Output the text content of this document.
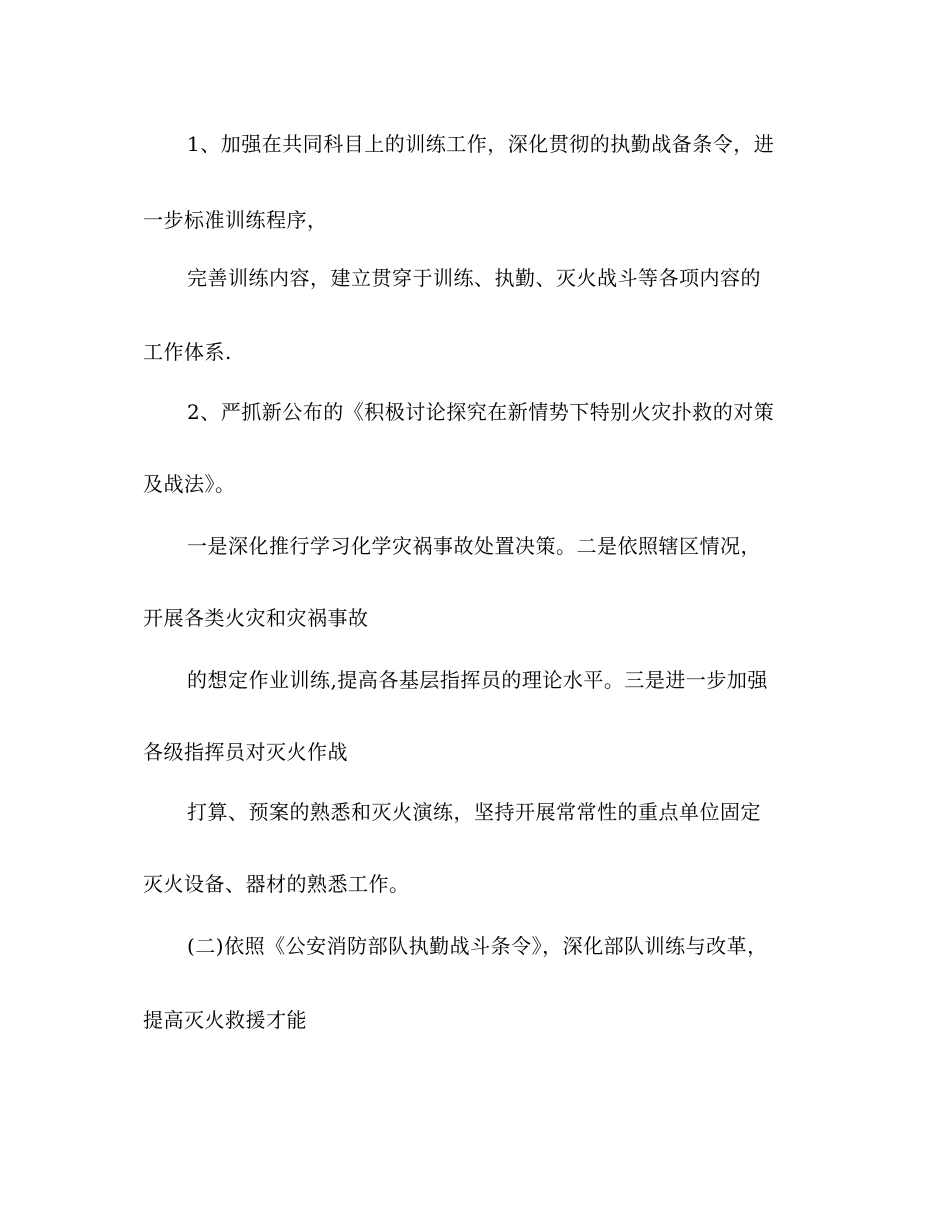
1、加强在共同科目上的训练工作，深化贯彻的执勤战备条令，进
一步标准训练程序，
完善训练内容，建立贯穿于训练、执勤、灭火战斗等各项内容的
工作体系.
2、严抓新公布的《积极讨论探究在新情势下特别火灾扑救的对策
及战法》。
一是深化推行学习化学灾祸事故处置决策。二是依照辖区情况，
开展各类火灾和灾祸事故
的想定作业训练,提高各基层指挥员的理论水平。三是进一步加强
各级指挥员对灭火作战
打算、预案的熟悉和灭火演练，坚持开展常常性的重点单位固定
灭火设备、器材的熟悉工作。
(二)依照《公安消防部队执勤战斗条令》，深化部队训练与改革，
提高灭火救援才能
